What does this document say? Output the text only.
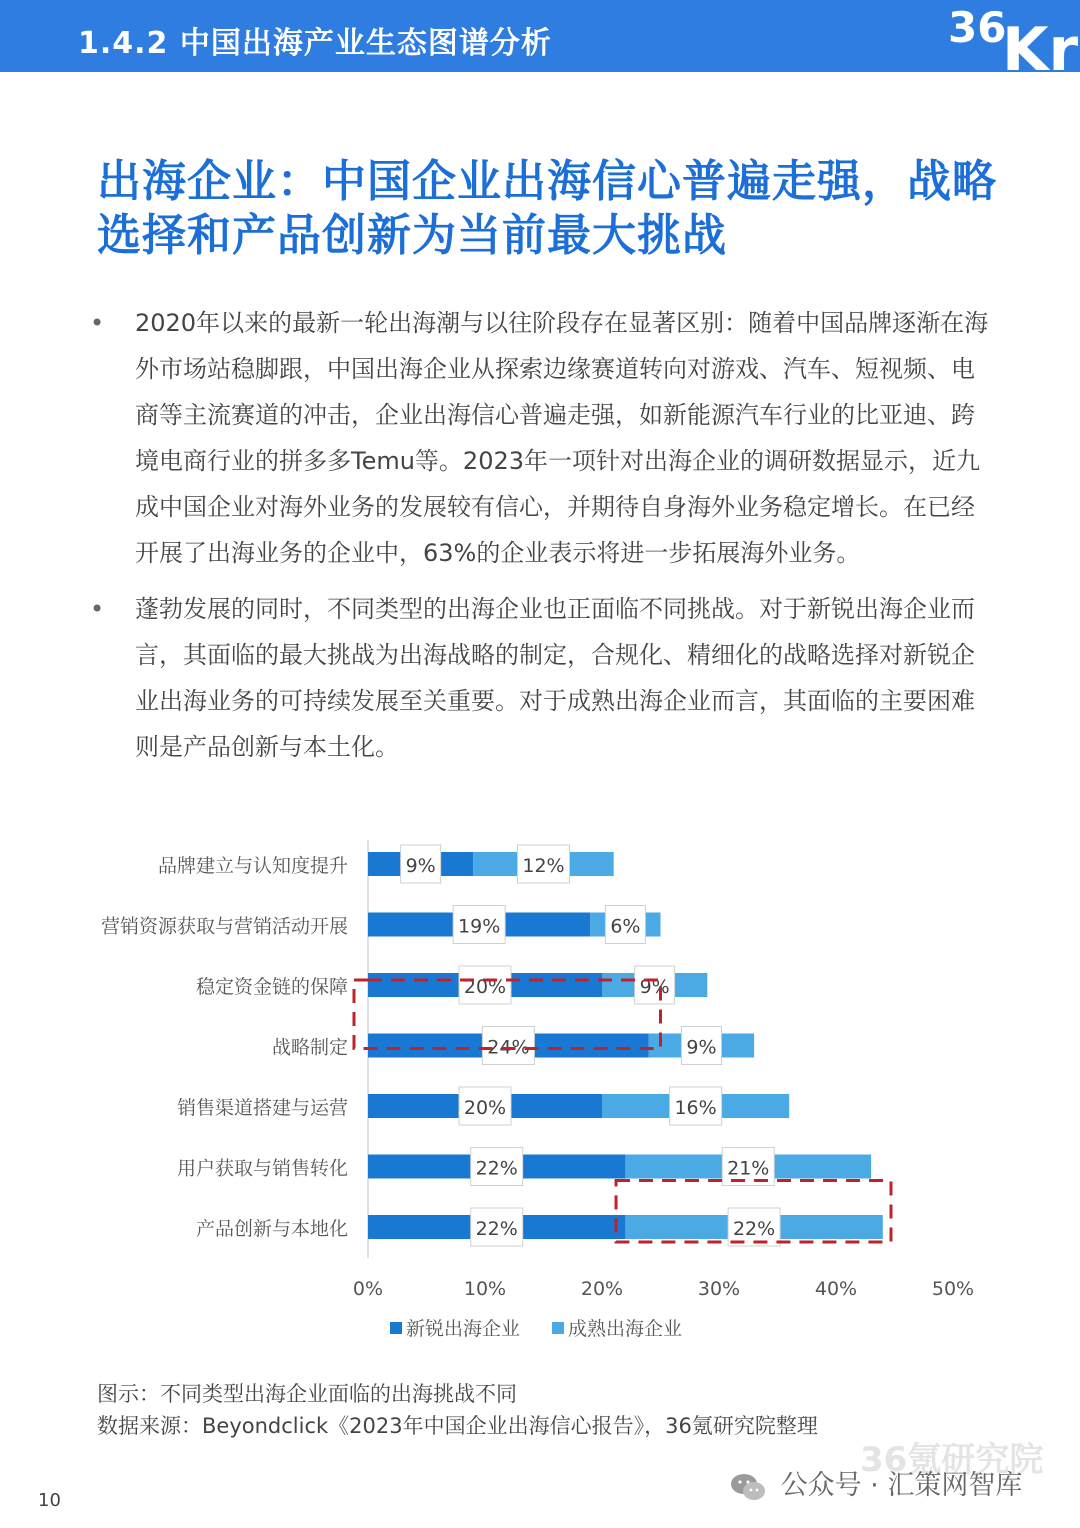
1.4.2 中国出海产业生态图谱分析	36
Kr
出海企业：中国企业出海信心普遍走强，战略选择和产品创新为当前最大挑战
• 2020年以来的最新一轮出海潮与以往阶段存在显著区别：随着中国品牌逐渐在海外市场站稳脚跟，中国出海企业从探索边缘赛道转向对游戏、汽车、短视频、电商等主流赛道的冲击，企业出海信心普遍走强，如新能源汽车行业的比亚迪、跨境电商行业的拼多多Temu等。2023年一项针对出海企业的调研数据显示，近九成中国企业对海外业务的发展较有信心，并期待自身海外业务稳定增长。在已经开展了出海业务的企业中，63%的企业表示将进一步拓展海外业务。
• 蓬勃发展的同时，不同类型的出海企业也正面临不同挑战。对于新锐出海企业而言，其面临的最大挑战为出海战略的制定，合规化、精细化的战略选择对新锐企业出海业务的可持续发展至关重要。对于成熟出海企业而言，其面临的主要困难则是产品创新与本土化。
品牌建立与认知度提升	9%	12%
营销资源获取与营销活动开展	19%	6%
稳定资金链的保障	20%	9%
战略制定	24%	9%
销售渠道搭建与运营	20%	16%
用户获取与销售转化	22%	21%
产品创新与本地化	22%	22%
0%	10%	20%	30%	40%	50%
新锐出海企业	成熟出海企业
图示：不同类型出海企业面临的出海挑战不同
数据来源：Beyondclick《2023年中国企业出海信心报告》，36氪研究院整理
36氪研究院
公众号 · 汇策网智库
10
